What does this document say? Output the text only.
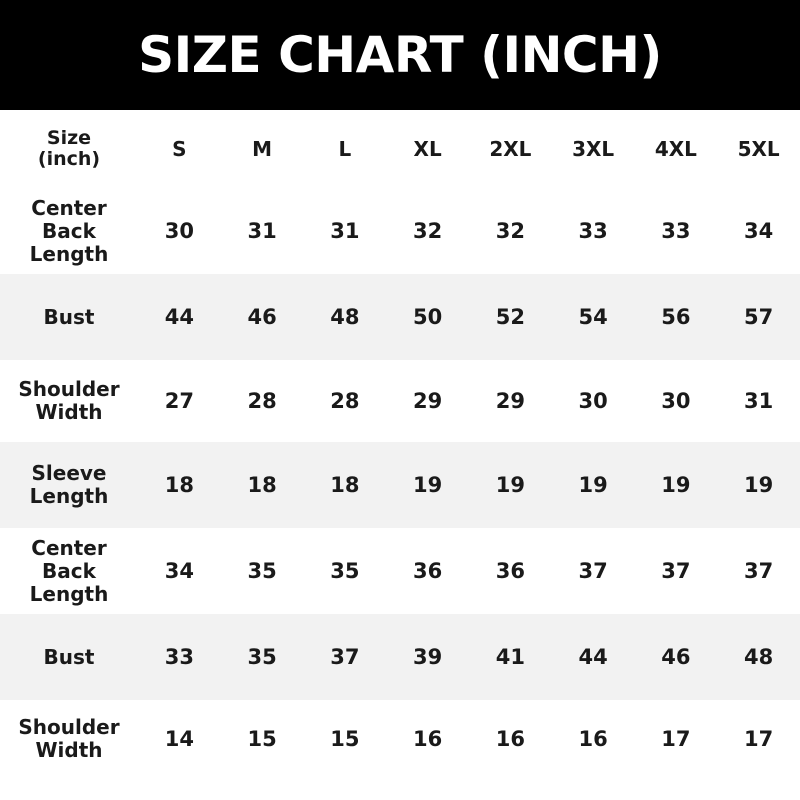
SIZE CHART (INCH)
Size
(inch)	S	M	L	XL	2XL	3XL	4XL	5XL
Center
Back
Length	30	31	31	32	32	33	33	34
Bust	44	46	48	50	52	54	56	57
Shoulder
Width	27	28	28	29	29	30	30	31
Sleeve
Length	18	18	18	19	19	19	19	19
Center
Back
Length	34	35	35	36	36	37	37	37
Bust	33	35	37	39	41	44	46	48
Shoulder
Width	14	15	15	16	16	16	17	17
